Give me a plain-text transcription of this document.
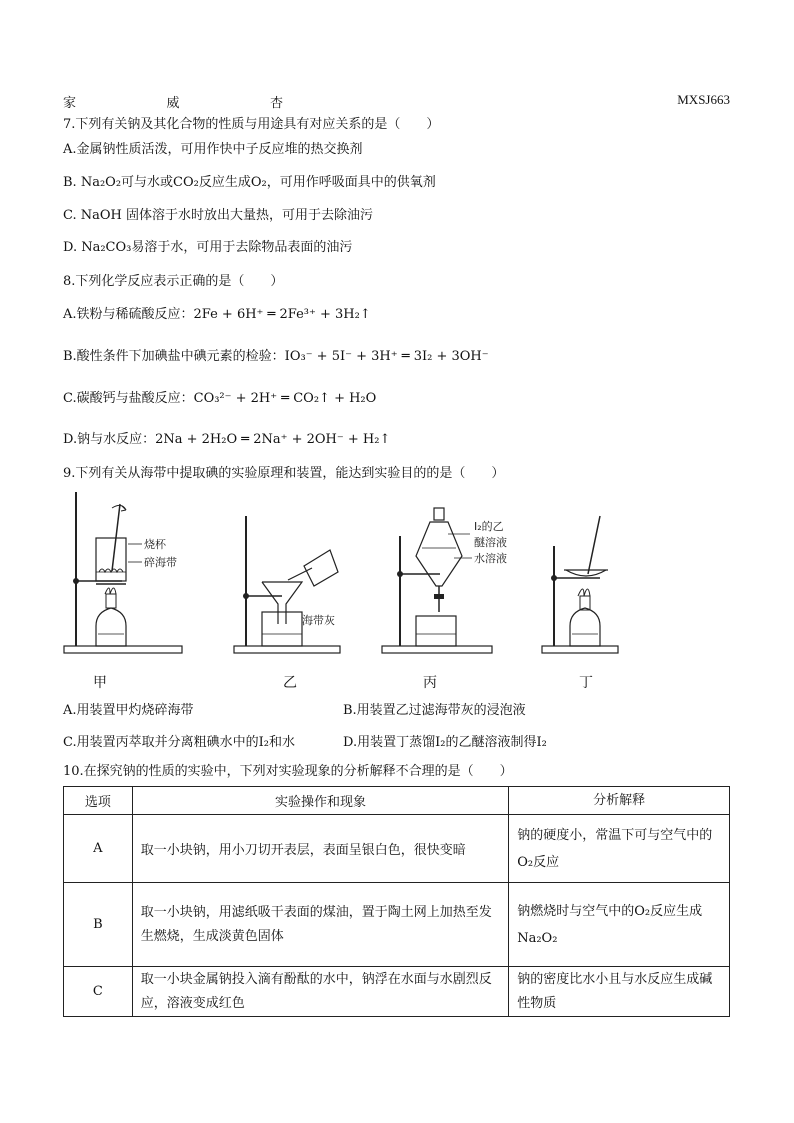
家	威	杏	MXSJ663
7.下列有关钠及其化合物的性质与用途具有对应关系的是（　　）
A.金属钠性质活泼，可用作快中子反应堆的热交换剂
B. Na₂O₂可与水或CO₂反应生成O₂，可用作呼吸面具中的供氧剂
C. NaOH 固体溶于水时放出大量热，可用于去除油污
D. Na₂CO₃易溶于水，可用于去除物品表面的油污
8.下列化学反应表示正确的是（　　）
A.铁粉与稀硫酸反应：2Fe + 6H⁺ ═ 2Fe³⁺ + 3H₂↑
B.酸性条件下加碘盐中碘元素的检验：IO₃⁻ + 5I⁻ + 3H⁺ ═ 3I₂ + 3OH⁻
C.碳酸钙与盐酸反应：CO₃²⁻ + 2H⁺ ═ CO₂↑ + H₂O
D.钠与水反应：2Na + 2H₂O ═ 2Na⁺ + 2OH⁻ + H₂↑
9.下列有关从海带中提取碘的实验原理和装置，能达到实验目的的是（　　）
烧杯
碎海带
海带灰
I₂的乙
醚溶液
水溶液
甲	乙	丙	丁
A.用装置甲灼烧碎海带	B.用装置乙过滤海带灰的浸泡液
C.用装置丙萃取并分离粗碘水中的I₂和水	D.用装置丁蒸馏I₂的乙醚溶液制得I₂
10.在探究钠的性质的实验中，下列对实验现象的分析解释不合理的是（　　）
选项	实验操作和现象	分析解释
A	取一小块钠，用小刀切开表层，表面呈银白色，很快变暗	钠的硬度小，常温下可与空气中的O₂反应
B	取一小块钠，用滤纸吸干表面的煤油，置于陶土网上加热至发生燃烧，生成淡黄色固体	钠燃烧时与空气中的O₂反应生成Na₂O₂
C	取一小块金属钠投入滴有酚酞的水中，钠浮在水面与水剧烈反应，溶液变成红色	钠的密度比水小且与水反应生成碱性物质
